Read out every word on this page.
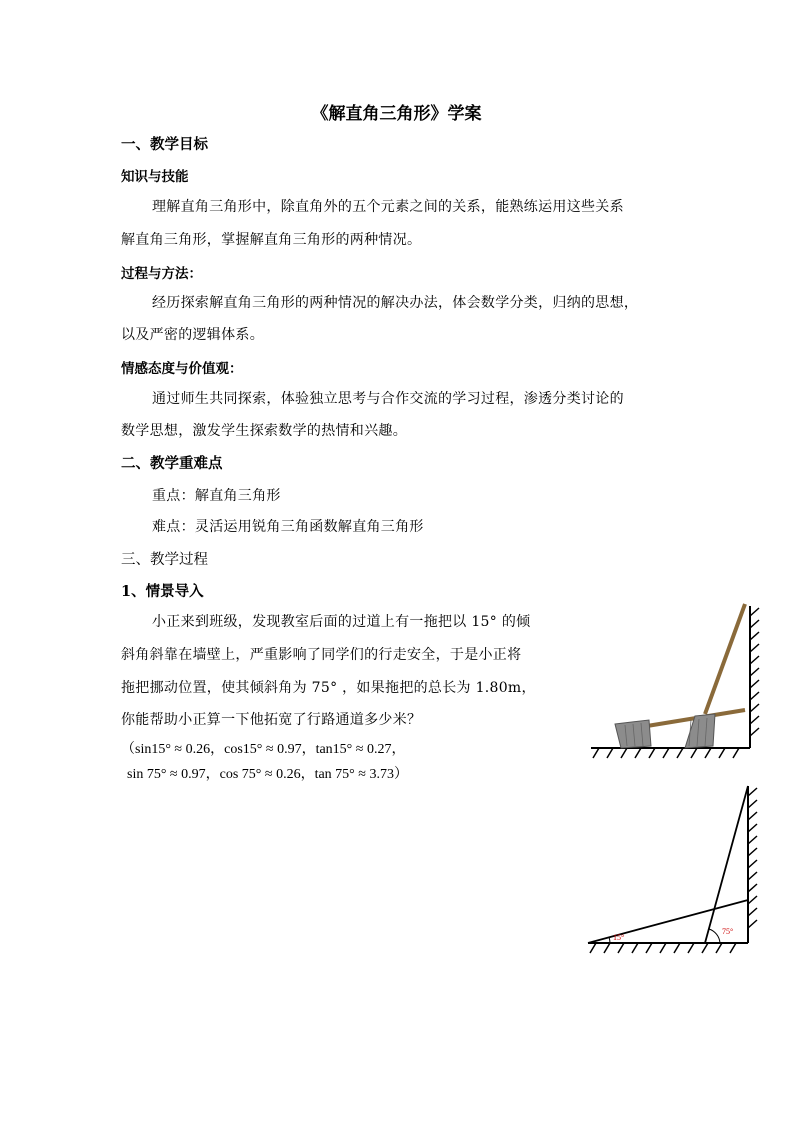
《解直角三角形》学案
一、教学目标
知识与技能
理解直角三角形中，除直角外的五个元素之间的关系，能熟练运用这些关系
解直角三角形，掌握解直角三角形的两种情况。
过程与方法：
经历探索解直角三角形的两种情况的解决办法，体会数学分类，归纳的思想，
以及严密的逻辑体系。
情感态度与价值观：
通过师生共同探索，体验独立思考与合作交流的学习过程，渗透分类讨论的
数学思想，激发学生探索数学的热情和兴趣。
二、教学重难点
重点：解直角三角形
难点：灵活运用锐角三角函数解直角三角形
三、教学过程
1、情景导入
小正来到班级，发现教室后面的过道上有一拖把以 15° 的倾
斜角斜靠在墙壁上，严重影响了同学们的行走安全，于是小正将
拖把挪动位置，使其倾斜角为 75° ，如果拖把的总长为 1.80m，
你能帮助小正算一下他拓宽了行路通道多少米？
（sin15° ≈ 0.26，cos15° ≈ 0.97，tan15° ≈ 0.27，
sin 75° ≈ 0.97，cos 75° ≈ 0.26，tan 75° ≈ 3.73）
15°
75°
